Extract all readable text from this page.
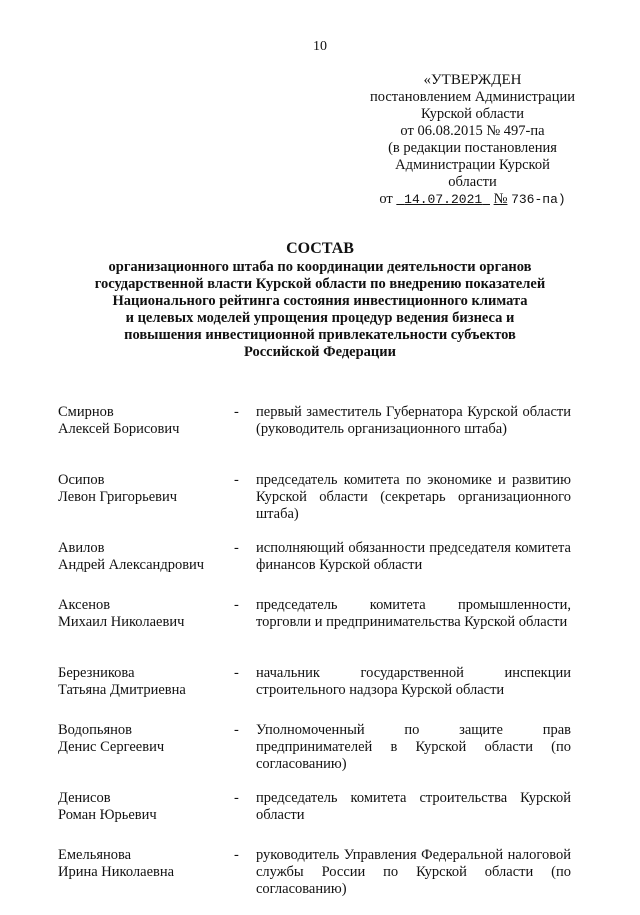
10
«УТВЕРЖДЕН
постановлением Администрации
Курской области
от 06.08.2015 № 497-па
(в редакции постановления
Администрации Курской
области
от 14.07.2021 № 736-па)
СОСТАВ
организационного штаба по координации деятельности органов
государственной власти Курской области по внедрению показателей
Национального рейтинга состояния инвестиционного климата
и целевых моделей упрощения процедур ведения бизнеса и
повышения инвестиционной привлекательности субъектов
Российской Федерации
Смирнов
Алексей Борисович
-	первый заместитель Губернатора Курской области (руководитель организационного штаба)
Осипов
Левон Григорьевич
-	председатель комитета по экономике и развитию Курской области (секретарь организационного штаба)
Авилов
Андрей Александрович
-	исполняющий обязанности председателя комитета финансов Курской области
Аксенов
Михаил Николаевич
-	председатель комитета промышленности, торговли и предпринимательства Курской области
Березникова
Татьяна Дмитриевна
-	начальник государственной инспекции строительного надзора Курской области
Водопьянов
Денис Сергеевич
-	Уполномоченный по защите прав предпринимателей в Курской области (по согласованию)
Денисов
Роман Юрьевич
-	председатель комитета строительства Курской области
Емельянова
Ирина Николаевна
-	руководитель Управления Федеральной налоговой службы России по Курской области (по согласованию)
